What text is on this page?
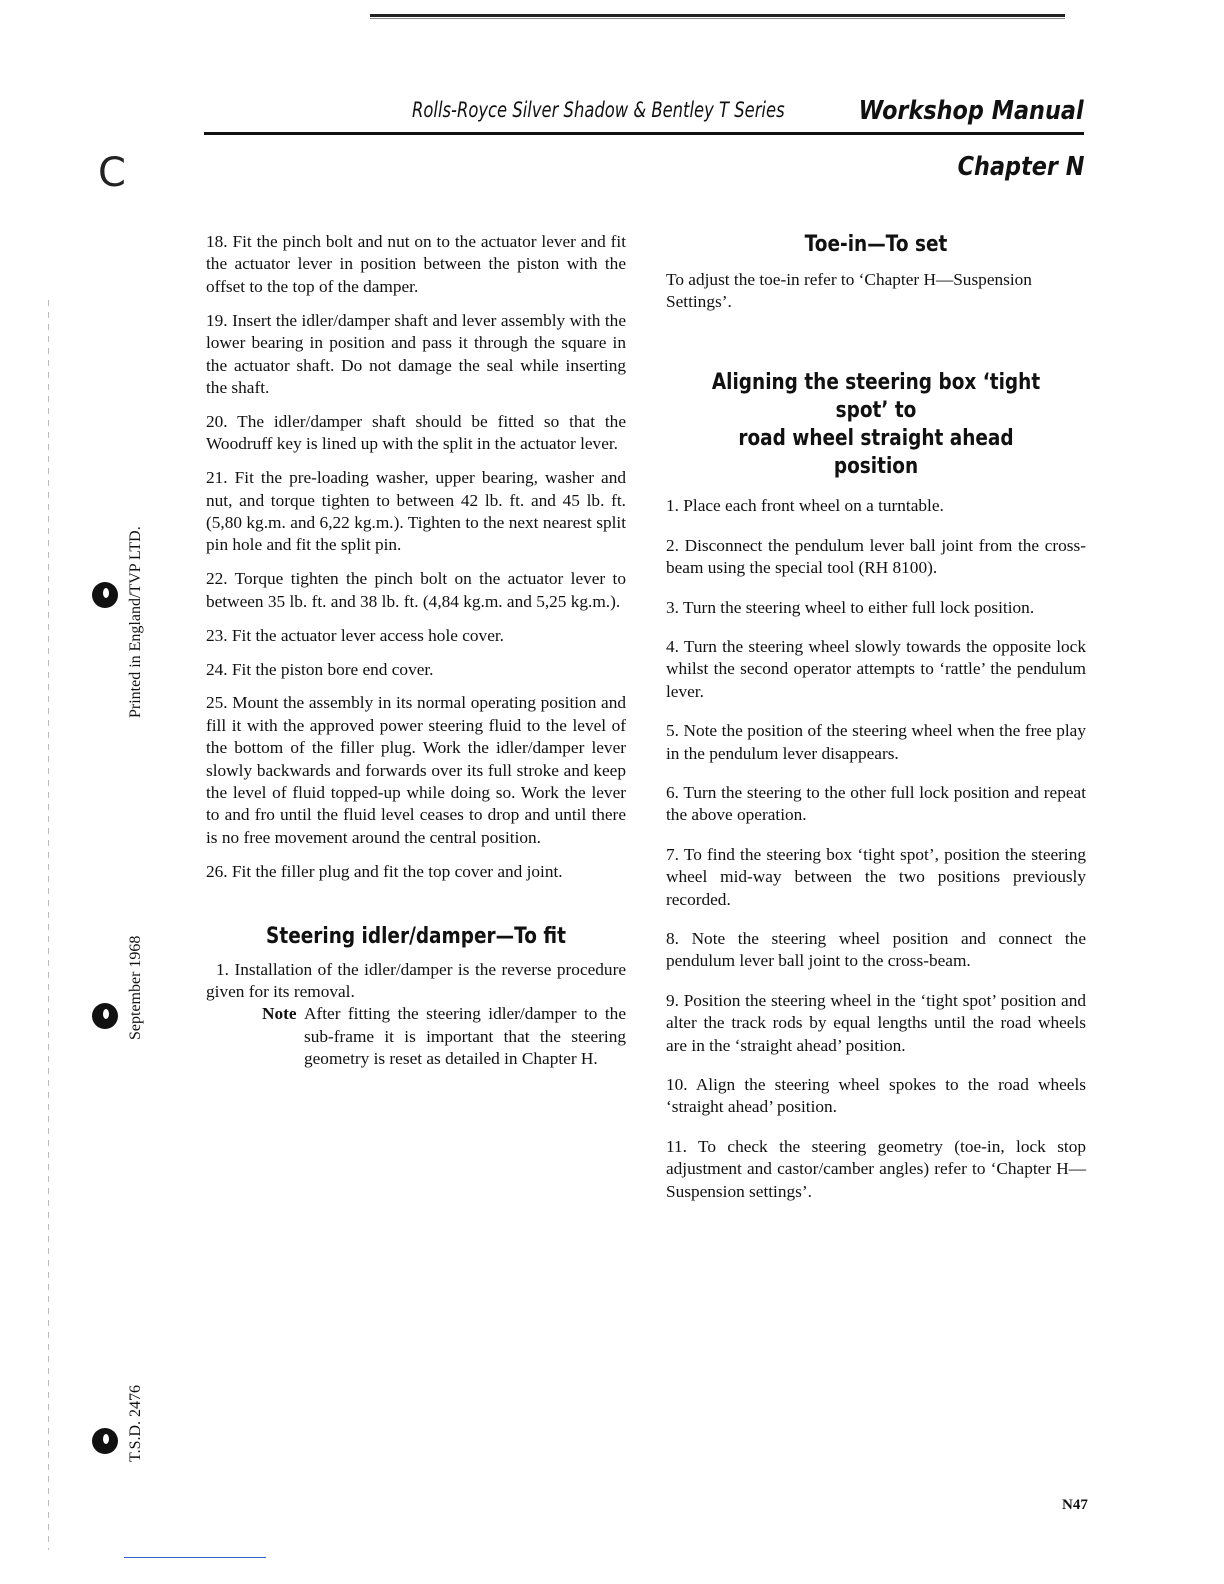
C
Rolls-Royce Silver Shadow & Bentley T Series	Workshop Manual
Chapter N

18. Fit the pinch bolt and nut on to the actuator lever and fit the actuator lever in position between the piston with the offset to the top of the damper.

19. Insert the idler/damper shaft and lever assembly with the lower bearing in position and pass it through the square in the actuator shaft. Do not damage the seal while inserting the shaft.

20. The idler/damper shaft should be fitted so that the Woodruff key is lined up with the split in the actuator lever.

21. Fit the pre-loading washer, upper bearing, washer and nut, and torque tighten to between 42 lb. ft. and 45 lb. ft. (5,80 kg.m. and 6,22 kg.m.). Tighten to the next nearest split pin hole and fit the split pin.

22. Torque tighten the pinch bolt on the actuator lever to between 35 lb. ft. and 38 lb. ft. (4,84 kg.m. and 5,25 kg.m.).

23. Fit the actuator lever access hole cover.

24. Fit the piston bore end cover.

25. Mount the assembly in its normal operating position and fill it with the approved power steering fluid to the level of the bottom of the filler plug. Work the idler/damper lever slowly backwards and forwards over its full stroke and keep the level of fluid topped-up while doing so. Work the lever to and fro until the fluid level ceases to drop and until there is no free movement around the central position.

26. Fit the filler plug and fit the top cover and joint.

Steering idler/damper—To fit

1. Installation of the idler/damper is the reverse procedure given for its removal.

Note After fitting the steering idler/damper to the sub-frame it is important that the steering geometry is reset as detailed in Chapter H.
Toe-in—To set

To adjust the toe-in refer to ‘Chapter H—Suspension Settings’.

Aligning the steering box ‘tight spot’ to
road wheel straight ahead position

1. Place each front wheel on a turntable.

2. Disconnect the pendulum lever ball joint from the cross-beam using the special tool (RH 8100).

3. Turn the steering wheel to either full lock position.

4. Turn the steering wheel slowly towards the opposite lock whilst the second operator attempts to ‘rattle’ the pendulum lever.

5. Note the position of the steering wheel when the free play in the pendulum lever disappears.

6. Turn the steering to the other full lock position and repeat the above operation.

7. To find the steering box ‘tight spot’, position the steering wheel mid-way between the two positions previously recorded.

8. Note the steering wheel position and connect the pendulum lever ball joint to the cross-beam.

9. Position the steering wheel in the ‘tight spot’ position and alter the track rods by equal lengths until the road wheels are in the ‘straight ahead’ position.

10. Align the steering wheel spokes to the road wheels ‘straight ahead’ position.

11. To check the steering geometry (toe-in, lock stop adjustment and castor/camber angles) refer to ‘Chapter H—Suspension settings’.

Printed in England/TVP LTD.
September 1968
T.S.D. 2476
N47
